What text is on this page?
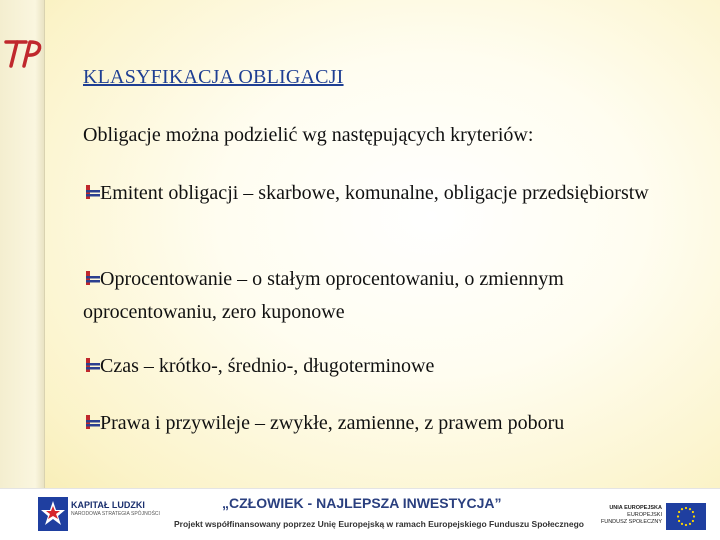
KLASYFIKACJA OBLIGACJI
Obligacje można podzielić wg następujących kryteriów:
Emitent obligacji – skarbowe, komunalne, obligacje przedsiębiorstw
Oprocentowanie – o stałym oprocentowaniu, o zmiennym oprocentowaniu, zero kuponowe
Czas – krótko-, średnio-, długoterminowe
Prawa i przywileje – zwykłe, zamienne, z prawem poboru
KAPITAŁ LUDZKI
NARODOWA STRATEGIA SPÓJNOŚCI
„CZŁOWIEK - NAJLEPSZA INWESTYCJA”
Projekt współfinansowany poprzez Unię Europejską w ramach Europejskiego Funduszu Społecznego
UNIA EUROPEJSKA
EUROPEJSKI
FUNDUSZ SPOŁECZNY
